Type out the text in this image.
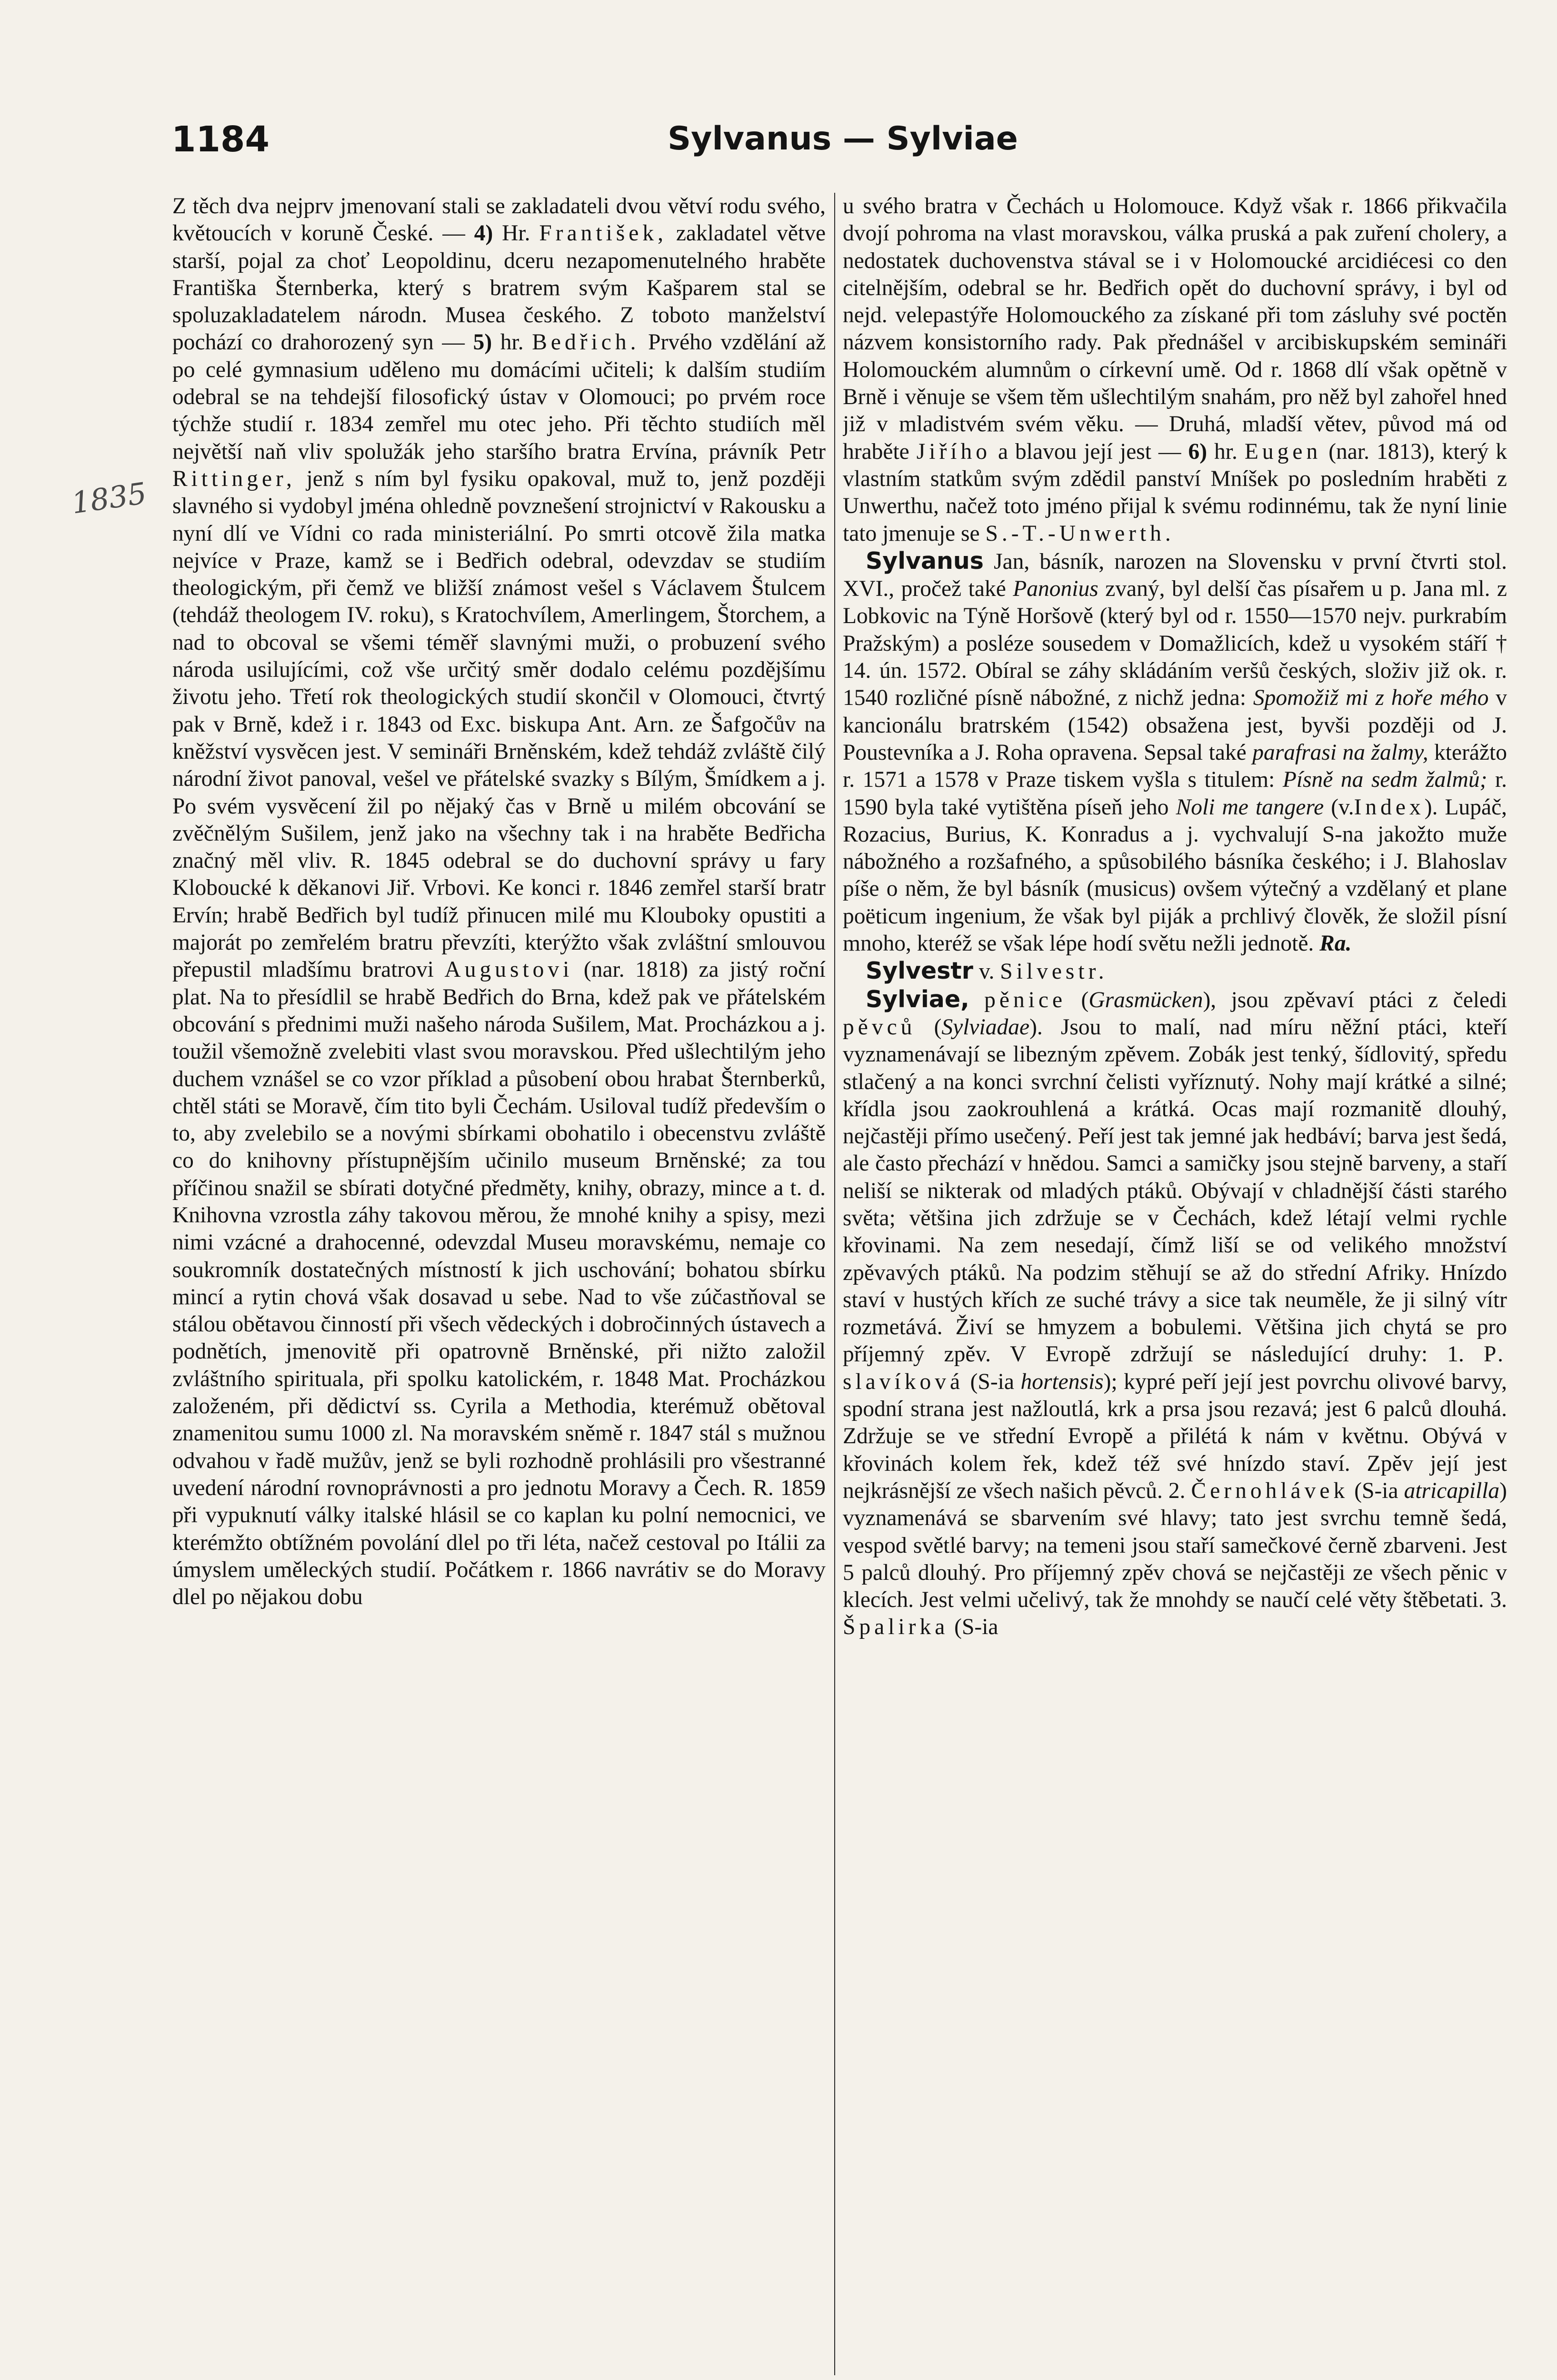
1184	Sylvanus — Sylviae
1835

Z těch dva nejprv jmenovaní stali se zakladateli dvou větví rodu svého, květoucích v koruně České. — 4) Hr. František, zakladatel větve starší, pojal za choť Leopoldinu, dceru nezapomenutelného hraběte Františka Šternberka, který s bratrem svým Kašparem stal se spoluzakladatelem národn. Musea českého. Z toboto manželství pochází co drahorozený syn — 5) hr. Bedřich. Prvého vzdělání až po celé gymnasium uděleno mu domácími učiteli; k dalším studiím odebral se na tehdejší filosofický ústav v Olomouci; po prvém roce týchže studií r. 1834 zemřel mu otec jeho. Při těchto studiích měl největší naň vliv spolužák jeho staršího bratra Ervína, právník Petr Rittinger, jenž s ním byl fysiku opakoval, muž to, jenž později slavného si vydobyl jména ohledně povznešení strojnictví v Rakousku a nyní dlí ve Vídni co rada ministeriální. Po smrti otcově žila matka nejvíce v Praze, kamž se i Bedřich odebral, odevzdav se studiím theologickým, při čemž ve bližší známost vešel s Václavem Štulcem (tehdáž theologem IV. roku), s Kratochvílem, Amerlingem, Štorchem, a nad to obcoval se všemi téměř slavnými muži, o probuzení svého národa usilujícími, což vše určitý směr dodalo celému pozdějšímu životu jeho. Třetí rok theologických studií skončil v Olomouci, čtvrtý pak v Brně, kdež i r. 1843 od Exc. biskupa Ant. Arn. ze Šafgočův na kněžství vysvěcen jest. V semináři Brněnském, kdež tehdáž zvláště čilý národní život panoval, vešel ve přátelské svazky s Bílým, Šmídkem a j. Po svém vysvěcení žil po nějaký čas v Brně u milém obcování se zvěčnělým Sušilem, jenž jako na všechny tak i na hraběte Bedřicha značný měl vliv. R. 1845 odebral se do duchovní správy u fary Kloboucké k děkanovi Jiř. Vrbovi. Ke konci r. 1846 zemřel starší bratr Ervín; hrabě Bedřich byl tudíž přinucen milé mu Klouboky opustiti a majorát po zemřelém bratru převzíti, kterýžto však zvláštní smlouvou přepustil mladšímu bratrovi Augustovi (nar. 1818) za jistý roční plat. Na to přesídlil se hrabě Bedřich do Brna, kdež pak ve přátelském obcování s přednimi muži našeho národa Sušilem, Mat. Procházkou a j. toužil všemožně zvelebiti vlast svou moravskou. Před ušlechtilým jeho duchem vznášel se co vzor příklad a působení obou hrabat Šternberků, chtěl státi se Moravě, čím tito byli Čechám. Usiloval tudíž především o to, aby zvelebilo se a novými sbírkami obohatilo i obecenstvu zvláště co do knihovny přístupnějším učinilo museum Brněnské; za tou příčinou snažil se sbírati dotyčné předměty, knihy, obrazy, mince a t. d. Knihovna vzrostla záhy takovou měrou, že mnohé knihy a spisy, mezi nimi vzácné a drahocenné, odevzdal Museu moravskému, nemaje co soukromník dostatečných místností k jich uschování; bohatou sbírku mincí a rytin chová však dosavad u sebe. Nad to vše zúčastňoval se stálou obětavou činností při všech vědeckých i dobročinných ústavech a podnětích, jmenovitě při opatrovně Brněnské, při nižto založil zvláštního spirituala, při spolku katolickém, r. 1848 Mat. Procházkou založeném, při dědictví ss. Cyrila a Methodia, kterémuž obětoval znamenitou sumu 1000 zl. Na moravském sněmě r. 1847 stál s mužnou odvahou v řadě mužův, jenž se byli rozhodně prohlásili pro všestranné uvedení národní rovnoprávnosti a pro jednotu Moravy a Čech. R. 1859 při vypuknutí války italské hlásil se co kaplan ku polní nemocnici, ve kterémžto obtížném povolání dlel po tři léta, načež cestoval po Itálii za úmyslem uměleckých studií. Počátkem r. 1866 navrátiv se do Moravy dlel po nějakou dobu

u svého bratra v Čechách u Holomouce. Když však r. 1866 přikvačila dvojí pohroma na vlast moravskou, válka pruská a pak zuření cholery, a nedostatek duchovenstva stával se i v Holomoucké arcidiécesi co den citelnějším, odebral se hr. Bedřich opět do duchovní správy, i byl od nejd. velepastýře Holomouckého za získané při tom zásluhy své poctěn názvem konsistorního rady. Pak přednášel v arcibiskupském semináři Holomouckém alumnům o církevní umě. Od r. 1868 dlí však opětně v Brně i věnuje se všem těm ušlechtilým snahám, pro něž byl zahořel hned již v mladistvém svém věku. — Druhá, mladší větev, původ má od hraběte Jiřího a blavou její jest — 6) hr. Eugen (nar. 1813), který k vlastním statkům svým zdědil panství Mníšek po posledním hraběti z Unwerthu, načež toto jméno přijal k svému rodinnému, tak že nyní linie tato jmenuje se S.-T.-Unwerth.

Sylvanus Jan, básník, narozen na Slovensku v první čtvrti stol. XVI., pročež také Panonius zvaný, byl delší čas písařem u p. Jana ml. z Lobkovic na Týně Horšově (který byl od r. 1550—1570 nejv. purkrabím Pražským) a posléze sousedem v Domažlicích, kdež u vysokém stáří † 14. ún. 1572. Obíral se záhy skládáním veršů českých, složiv již ok. r. 1540 rozličné písně nábožné, z nichž jedna: Spomožiž mi z hoře mého v kancionálu bratrském (1542) obsažena jest, byvši později od J. Poustevníka a J. Roha opravena. Sepsal také parafrasi na žalmy, kterážto r. 1571 a 1578 v Praze tiskem vyšla s titulem: Písně na sedm žalmů; r. 1590 byla také vytištěna píseň jeho Noli me tangere (v.Index). Lupáč, Rozacius, Burius, K. Konradus a j. vychvalují S-na jakožto muže nábožného a rozšafného, a spůsobilého básníka českého; i J. Blahoslav píše o něm, že byl básník (musicus) ovšem výtečný a vzdělaný et plane poëticum ingenium, že však byl piják a prchlivý člověk, že složil písní mnoho, kteréž se však lépe hodí světu nežli jednotě. Ra.

Sylvestr v. Silvestr.

Sylviae, pěnice (Grasmücken), jsou zpěvaví ptáci z čeledi pěvců (Sylviadae). Jsou to malí, nad míru něžní ptáci, kteří vyznamenávají se libezným zpěvem. Zobák jest tenký, šídlovitý, spředu stlačený a na konci svrchní čelisti vyříznutý. Nohy mají krátké a silné; křídla jsou zaokrouhlená a krátká. Ocas mají rozmanitě dlouhý, nejčastěji přímo usečený. Peří jest tak jemné jak hedbáví; barva jest šedá, ale často přechází v hnědou. Samci a samičky jsou stejně barveny, a staří neliší se nikterak od mladých ptáků. Obývají v chladnější části starého světa; většina jich zdržuje se v Čechách, kdež létají velmi rychle křovinami. Na zem nesedají, čímž liší se od velikého množství zpěvavých ptáků. Na podzim stěhují se až do střední Afriky. Hnízdo staví v hustých křích ze suché trávy a sice tak neuměle, že ji silný vítr rozmetává. Živí se hmyzem a bobulemi. Většina jich chytá se pro příjemný zpěv. V Evropě zdržují se následující druhy: 1. P. slavíková (S-ia hortensis); kypré peří její jest povrchu olivové barvy, spodní strana jest nažloutlá, krk a prsa jsou rezavá; jest 6 palců dlouhá. Zdržuje se ve střední Evropě a přilétá k nám v květnu. Obývá v křovinách kolem řek, kdež též své hnízdo staví. Zpěv její jest nejkrásnější ze všech našich pěvců. 2. Černohlávek (S-ia atricapilla) vyznamenává se sbarvením své hlavy; tato jest svrchu temně šedá, vespod světlé barvy; na temeni jsou staří samečkové černě zbarveni. Jest 5 palců dlouhý. Pro příjemný zpěv chová se nejčastěji ze všech pěnic v klecích. Jest velmi učelivý, tak že mnohdy se naučí celé věty štěbetati. 3. Špalirka (S-ia
